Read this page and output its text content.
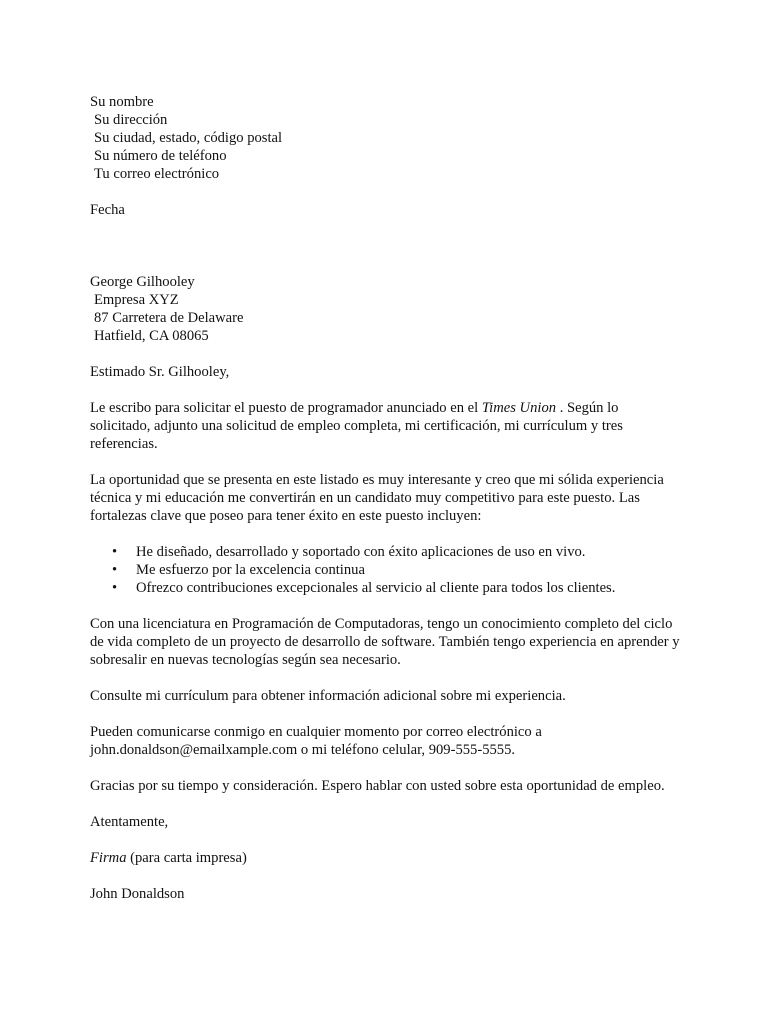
Su nombre
Su dirección
Su ciudad, estado, código postal
Su número de teléfono
Tu correo electrónico
Fecha
George Gilhooley
Empresa XYZ
87 Carretera de Delaware
Hatfield, CA 08065

Estimado Sr. Gilhooley,

Le escribo para solicitar el puesto de programador anunciado en el Times Union . Según lo solicitado, adjunto una solicitud de empleo completa, mi certificación, mi currículum y tres referencias.

La oportunidad que se presenta en este listado es muy interesante y creo que mi sólida experiencia técnica y mi educación me convertirán en un candidato muy competitivo para este puesto. Las fortalezas clave que poseo para tener éxito en este puesto incluyen:

• He diseñado, desarrollado y soportado con éxito aplicaciones de uso en vivo.
• Me esfuerzo por la excelencia continua
• Ofrezco contribuciones excepcionales al servicio al cliente para todos los clientes.

Con una licenciatura en Programación de Computadoras, tengo un conocimiento completo del ciclo de vida completo de un proyecto de desarrollo de software. También tengo experiencia en aprender y sobresalir en nuevas tecnologías según sea necesario.

Consulte mi currículum para obtener información adicional sobre mi experiencia.

Pueden comunicarse conmigo en cualquier momento por correo electrónico a john.donaldson@emailxample.com o mi teléfono celular, 909-555-5555.

Gracias por su tiempo y consideración. Espero hablar con usted sobre esta oportunidad de empleo.

Atentamente,

Firma (para carta impresa)

John Donaldson
